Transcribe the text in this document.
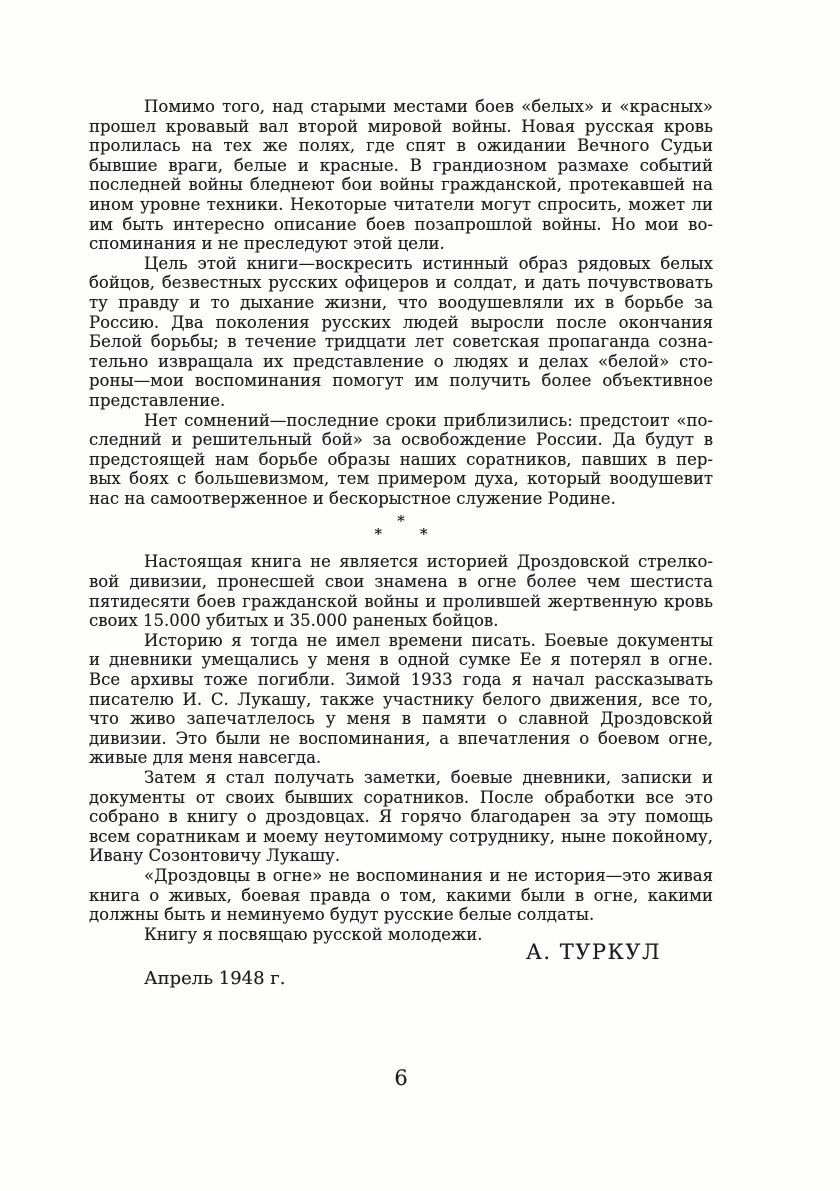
Помимо того, над старыми местами боев «белых» и «красных»
прошел кровавый вал второй мировой войны. Новая русская кровь
пролилась на тех же полях, где спят в ожидании Вечного Судьи
бывшие враги, белые и красные. В грандиозном размахе событий
последней войны бледнеют бои войны гражданской, протекавшей на
ином уровне техники. Некоторые читатели могут спросить, может ли
им быть интересно описание боев позапрошлой войны. Но мои во-
споминания и не преследуют этой цели.
Цель этой книги—воскресить истинный образ рядовых белых
бойцов, безвестных русских офицеров и солдат, и дать почувствовать
ту правду и то дыхание жизни, что воодушевляли их в борьбе за
Россию. Два поколения русских людей выросли после окончания
Белой борьбы; в течение тридцати лет советская пропаганда созна-
тельно извращала их представление о людях и делах «белой» сто-
роны—мои воспоминания помогут им получить более объективное
представление.
Нет сомнений—последние сроки приблизились: предстоит «по-
следний и решительный бой» за освобождение России. Да будут в
предстоящей нам борьбе образы наших соратников, павших в пер-
вых боях с большевизмом, тем примером духа, который воодушевит
нас на самоотверженное и бескорыстное служение Родине.
*
*	*
Настоящая книга не является историей Дроздовской стрелко-
вой дивизии, пронесшей свои знамена в огне более чем шестиста
пятидесяти боев гражданской войны и пролившей жертвенную кровь
своих 15.000 убитых и 35.000 раненых бойцов.
Историю я тогда не имел времени писать. Боевые документы
и дневники умещались у меня в одной сумке Ее я потерял в огне.
Все архивы тоже погибли. Зимой 1933 года я начал рассказывать
писателю И. С. Лукашу, также участнику белого движения, все то,
что живо запечатлелось у меня в памяти о славной Дроздовской
дивизии. Это были не воспоминания, а впечатления о боевом огне,
живые для меня навсегда.
Затем я стал получать заметки, боевые дневники, записки и
документы от своих бывших соратников. После обработки все это
собрано в книгу о дроздовцах. Я горячо благодарен за эту помощь
всем соратникам и моему неутомимому сотруднику, ныне покойному,
Ивану Созонтовичу Лукашу.
«Дроздовцы в огне» не воспоминания и не история—это живая
книга о живых, боевая правда о том, какими были в огне, какими
должны быть и неминуемо будут русские белые солдаты.
Книгу я посвящаю русской молодежи.
А. ТУРКУЛ
Апрель 1948 г.
6
